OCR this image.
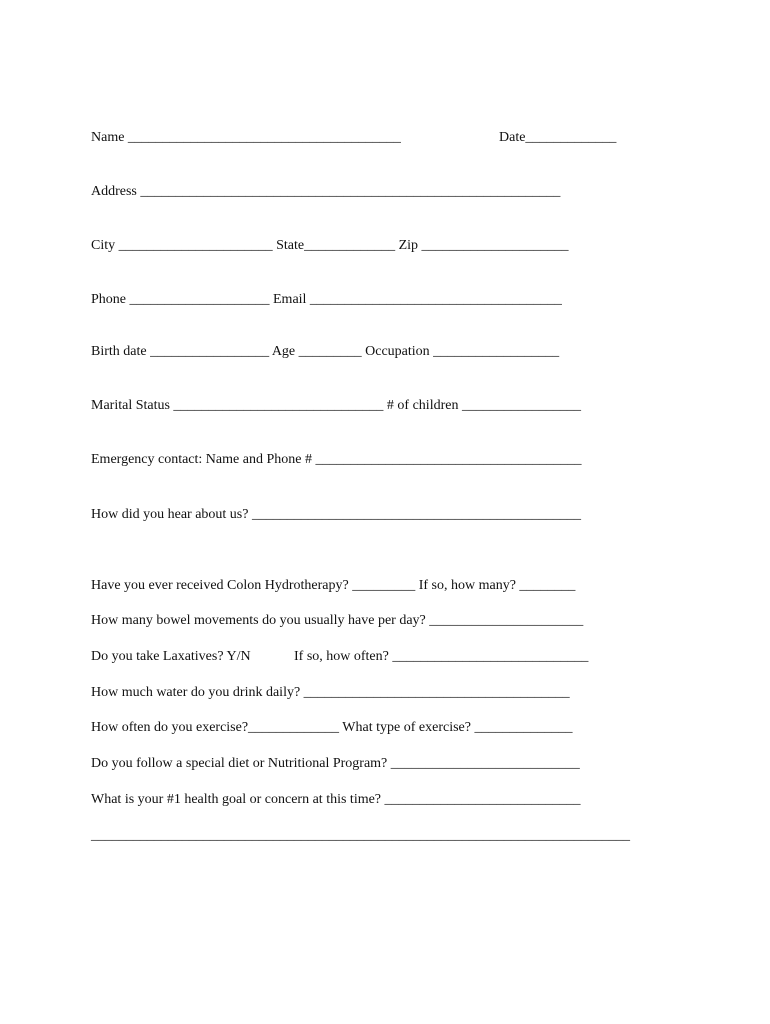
Name _______________________________________	Date_____________
Address ____________________________________________________________
City ______________________ State_____________ Zip _____________________
Phone ____________________ Email ____________________________________
Birth date _________________ Age _________ Occupation __________________
Marital Status ______________________________ # of children _________________
Emergency contact: Name and Phone # ______________________________________
How did you hear about us? _______________________________________________
Have you ever received Colon Hydrotherapy? _________ If so, how many? ________
How many bowel movements do you usually have per day? ______________________
Do you take Laxatives? Y/N	If so, how often? ____________________________
How much water do you drink daily? ______________________________________
How often do you exercise?_____________ What type of exercise? ______________
Do you follow a special diet or Nutritional Program? ___________________________
What is your #1 health goal or concern at this time? ____________________________
_____________________________________________________________________________
